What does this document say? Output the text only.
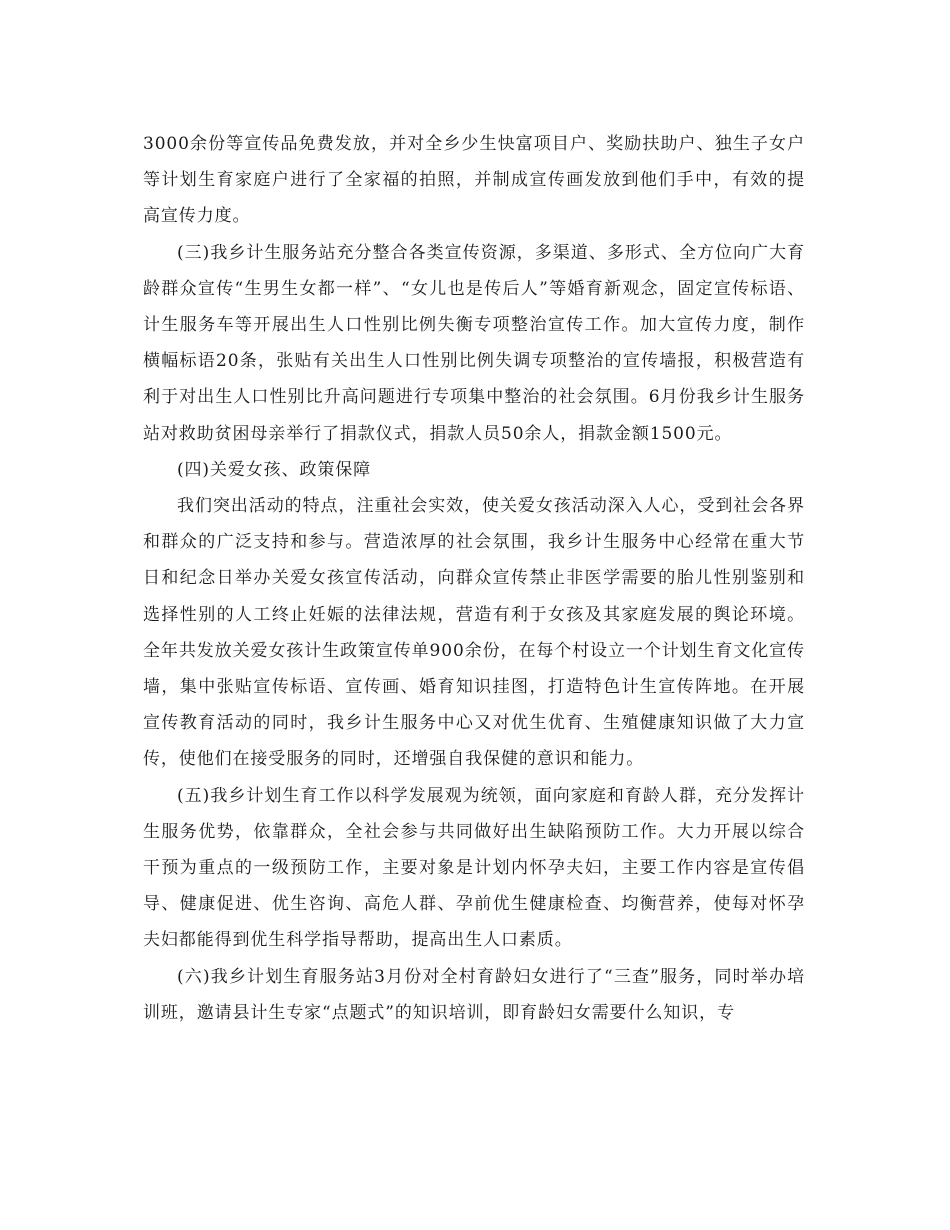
3000余份等宣传品免费发放，并对全乡少生快富项目户、奖励扶助户、独生子女户等计划生育家庭户进行了全家福的拍照，并制成宣传画发放到他们手中，有效的提高宣传力度。

(三)我乡计生服务站充分整合各类宣传资源，多渠道、多形式、全方位向广大育龄群众宣传“生男生女都一样”、“女儿也是传后人”等婚育新观念，固定宣传标语、计生服务车等开展出生人口性别比例失衡专项整治宣传工作。加大宣传力度，制作横幅标语20条，张贴有关出生人口性别比例失调专项整治的宣传墙报，积极营造有利于对出生人口性别比升高问题进行专项集中整治的社会氛围。6月份我乡计生服务站对救助贫困母亲举行了捐款仪式，捐款人员50余人，捐款金额1500元。

(四)关爱女孩、政策保障

我们突出活动的特点，注重社会实效，使关爱女孩活动深入人心，受到社会各界和群众的广泛支持和参与。营造浓厚的社会氛围，我乡计生服务中心经常在重大节日和纪念日举办关爱女孩宣传活动，向群众宣传禁止非医学需要的胎儿性别鉴别和选择性别的人工终止妊娠的法律法规，营造有利于女孩及其家庭发展的舆论环境。全年共发放关爱女孩计生政策宣传单900余份，在每个村设立一个计划生育文化宣传墙，集中张贴宣传标语、宣传画、婚育知识挂图，打造特色计生宣传阵地。在开展宣传教育活动的同时，我乡计生服务中心又对优生优育、生殖健康知识做了大力宣传，使他们在接受服务的同时，还增强自我保健的意识和能力。

(五)我乡计划生育工作以科学发展观为统领，面向家庭和育龄人群，充分发挥计生服务优势，依靠群众，全社会参与共同做好出生缺陷预防工作。大力开展以综合干预为重点的一级预防工作，主要对象是计划内怀孕夫妇，主要工作内容是宣传倡导、健康促进、优生咨询、高危人群、孕前优生健康检查、均衡营养，使每对怀孕夫妇都能得到优生科学指导帮助，提高出生人口素质。

(六)我乡计划生育服务站3月份对全村育龄妇女进行了“三查”服务，同时举办培训班，邀请县计生专家“点题式”的知识培训，即育龄妇女需要什么知识，专
